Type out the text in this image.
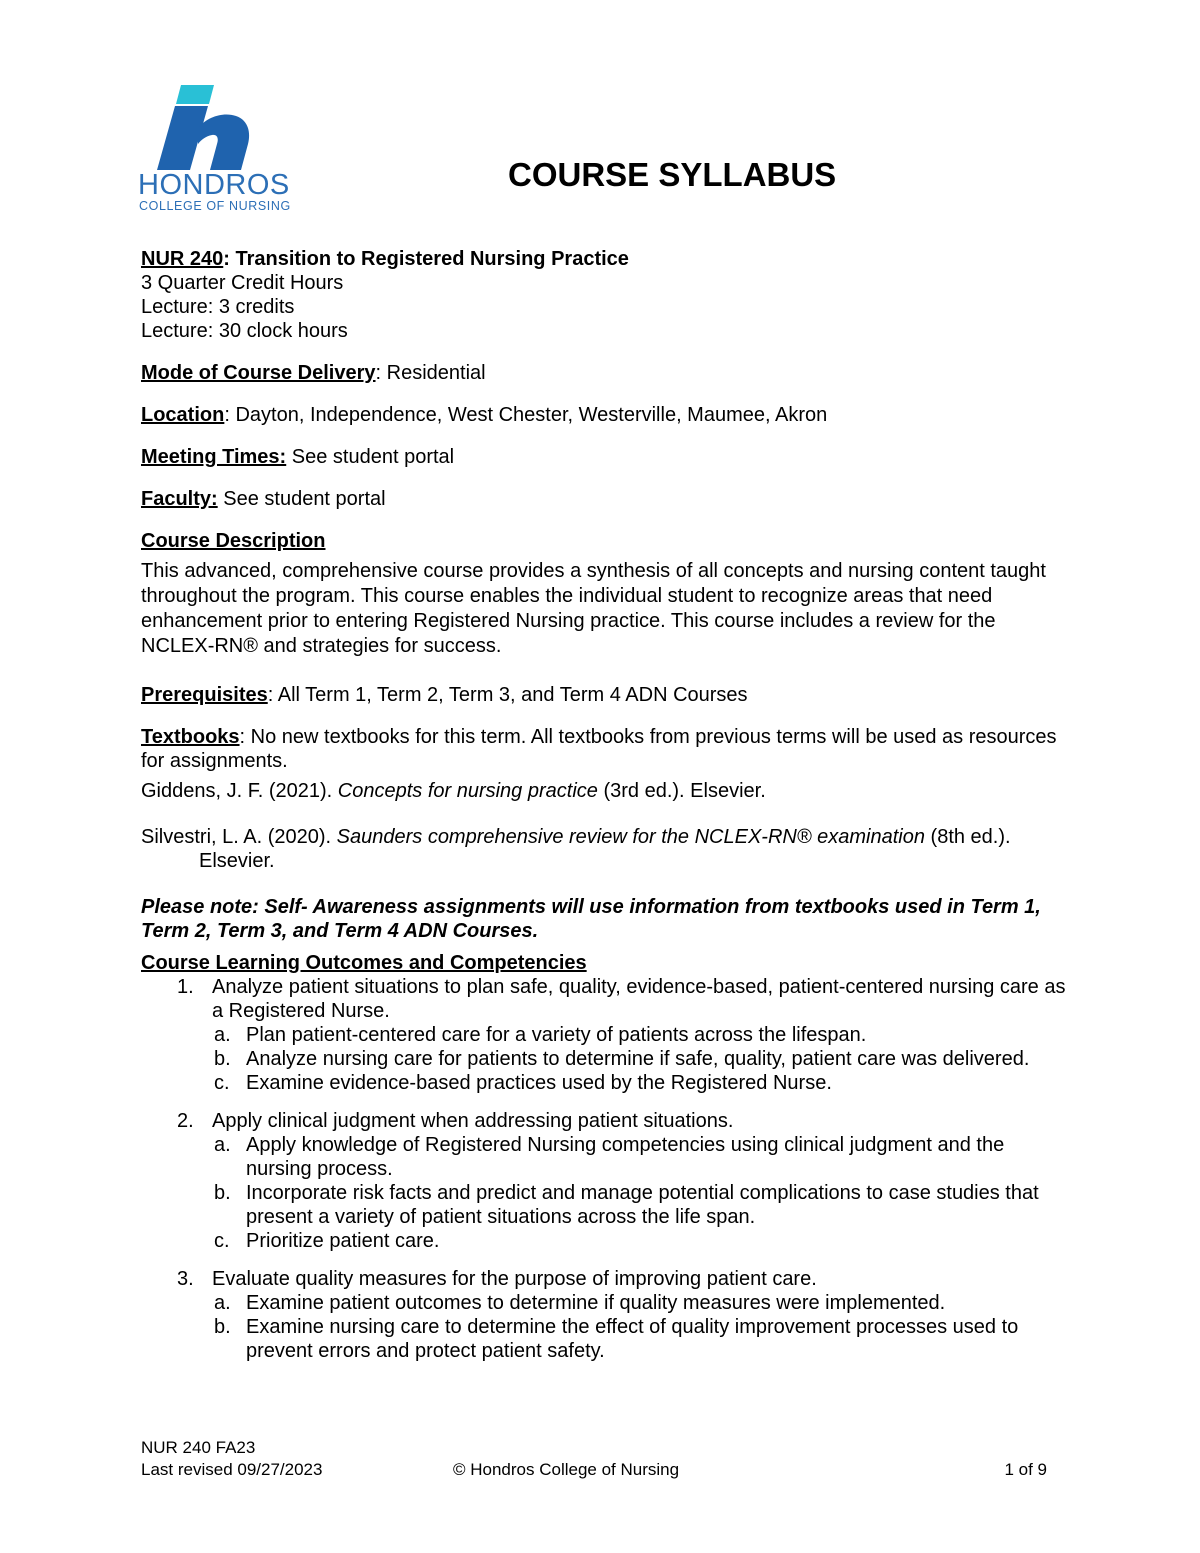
HONDROS
COLLEGE OF NURSING
COURSE SYLLABUS

NUR 240: Transition to Registered Nursing Practice

3 Quarter Credit Hours

Lecture: 3 credits

Lecture: 30 clock hours

Mode of Course Delivery: Residential

Location: Dayton, Independence, West Chester, Westerville, Maumee, Akron

Meeting Times: See student portal

Faculty: See student portal

Course Description

This advanced, comprehensive course provides a synthesis of all concepts and nursing content taught throughout the program. This course enables the individual student to recognize areas that need enhancement prior to entering Registered Nursing practice. This course includes a review for the NCLEX-RN® and strategies for success.

Prerequisites: All Term 1, Term 2, Term 3, and Term 4 ADN Courses

Textbooks: No new textbooks for this term. All textbooks from previous terms will be used as resources for assignments.

Giddens, J. F. (2021). Concepts for nursing practice (3rd ed.). Elsevier.

Silvestri, L. A. (2020). Saunders comprehensive review for the NCLEX-RN® examination (8th ed.). Elsevier.

Please note: Self- Awareness assignments will use information from textbooks used in Term 1, Term 2, Term 3, and Term 4 ADN Courses.

Course Learning Outcomes and Competencies

1. Analyze patient situations to plan safe, quality, evidence-based, patient-centered nursing care as a Registered Nurse.
a. Plan patient-centered care for a variety of patients across the lifespan.
b. Analyze nursing care for patients to determine if safe, quality, patient care was delivered.
c. Examine evidence-based practices used by the Registered Nurse.
2. Apply clinical judgment when addressing patient situations.
a. Apply knowledge of Registered Nursing competencies using clinical judgment and the nursing process.
b. Incorporate risk facts and predict and manage potential complications to case studies that present a variety of patient situations across the life span.
c. Prioritize patient care.
3. Evaluate quality measures for the purpose of improving patient care.
a. Examine patient outcomes to determine if quality measures were implemented.
b. Examine nursing care to determine the effect of quality improvement processes used to prevent errors and protect patient safety.
NUR 240 FA23
Last revised 09/27/2023	© Hondros College of Nursing	1 of 9
